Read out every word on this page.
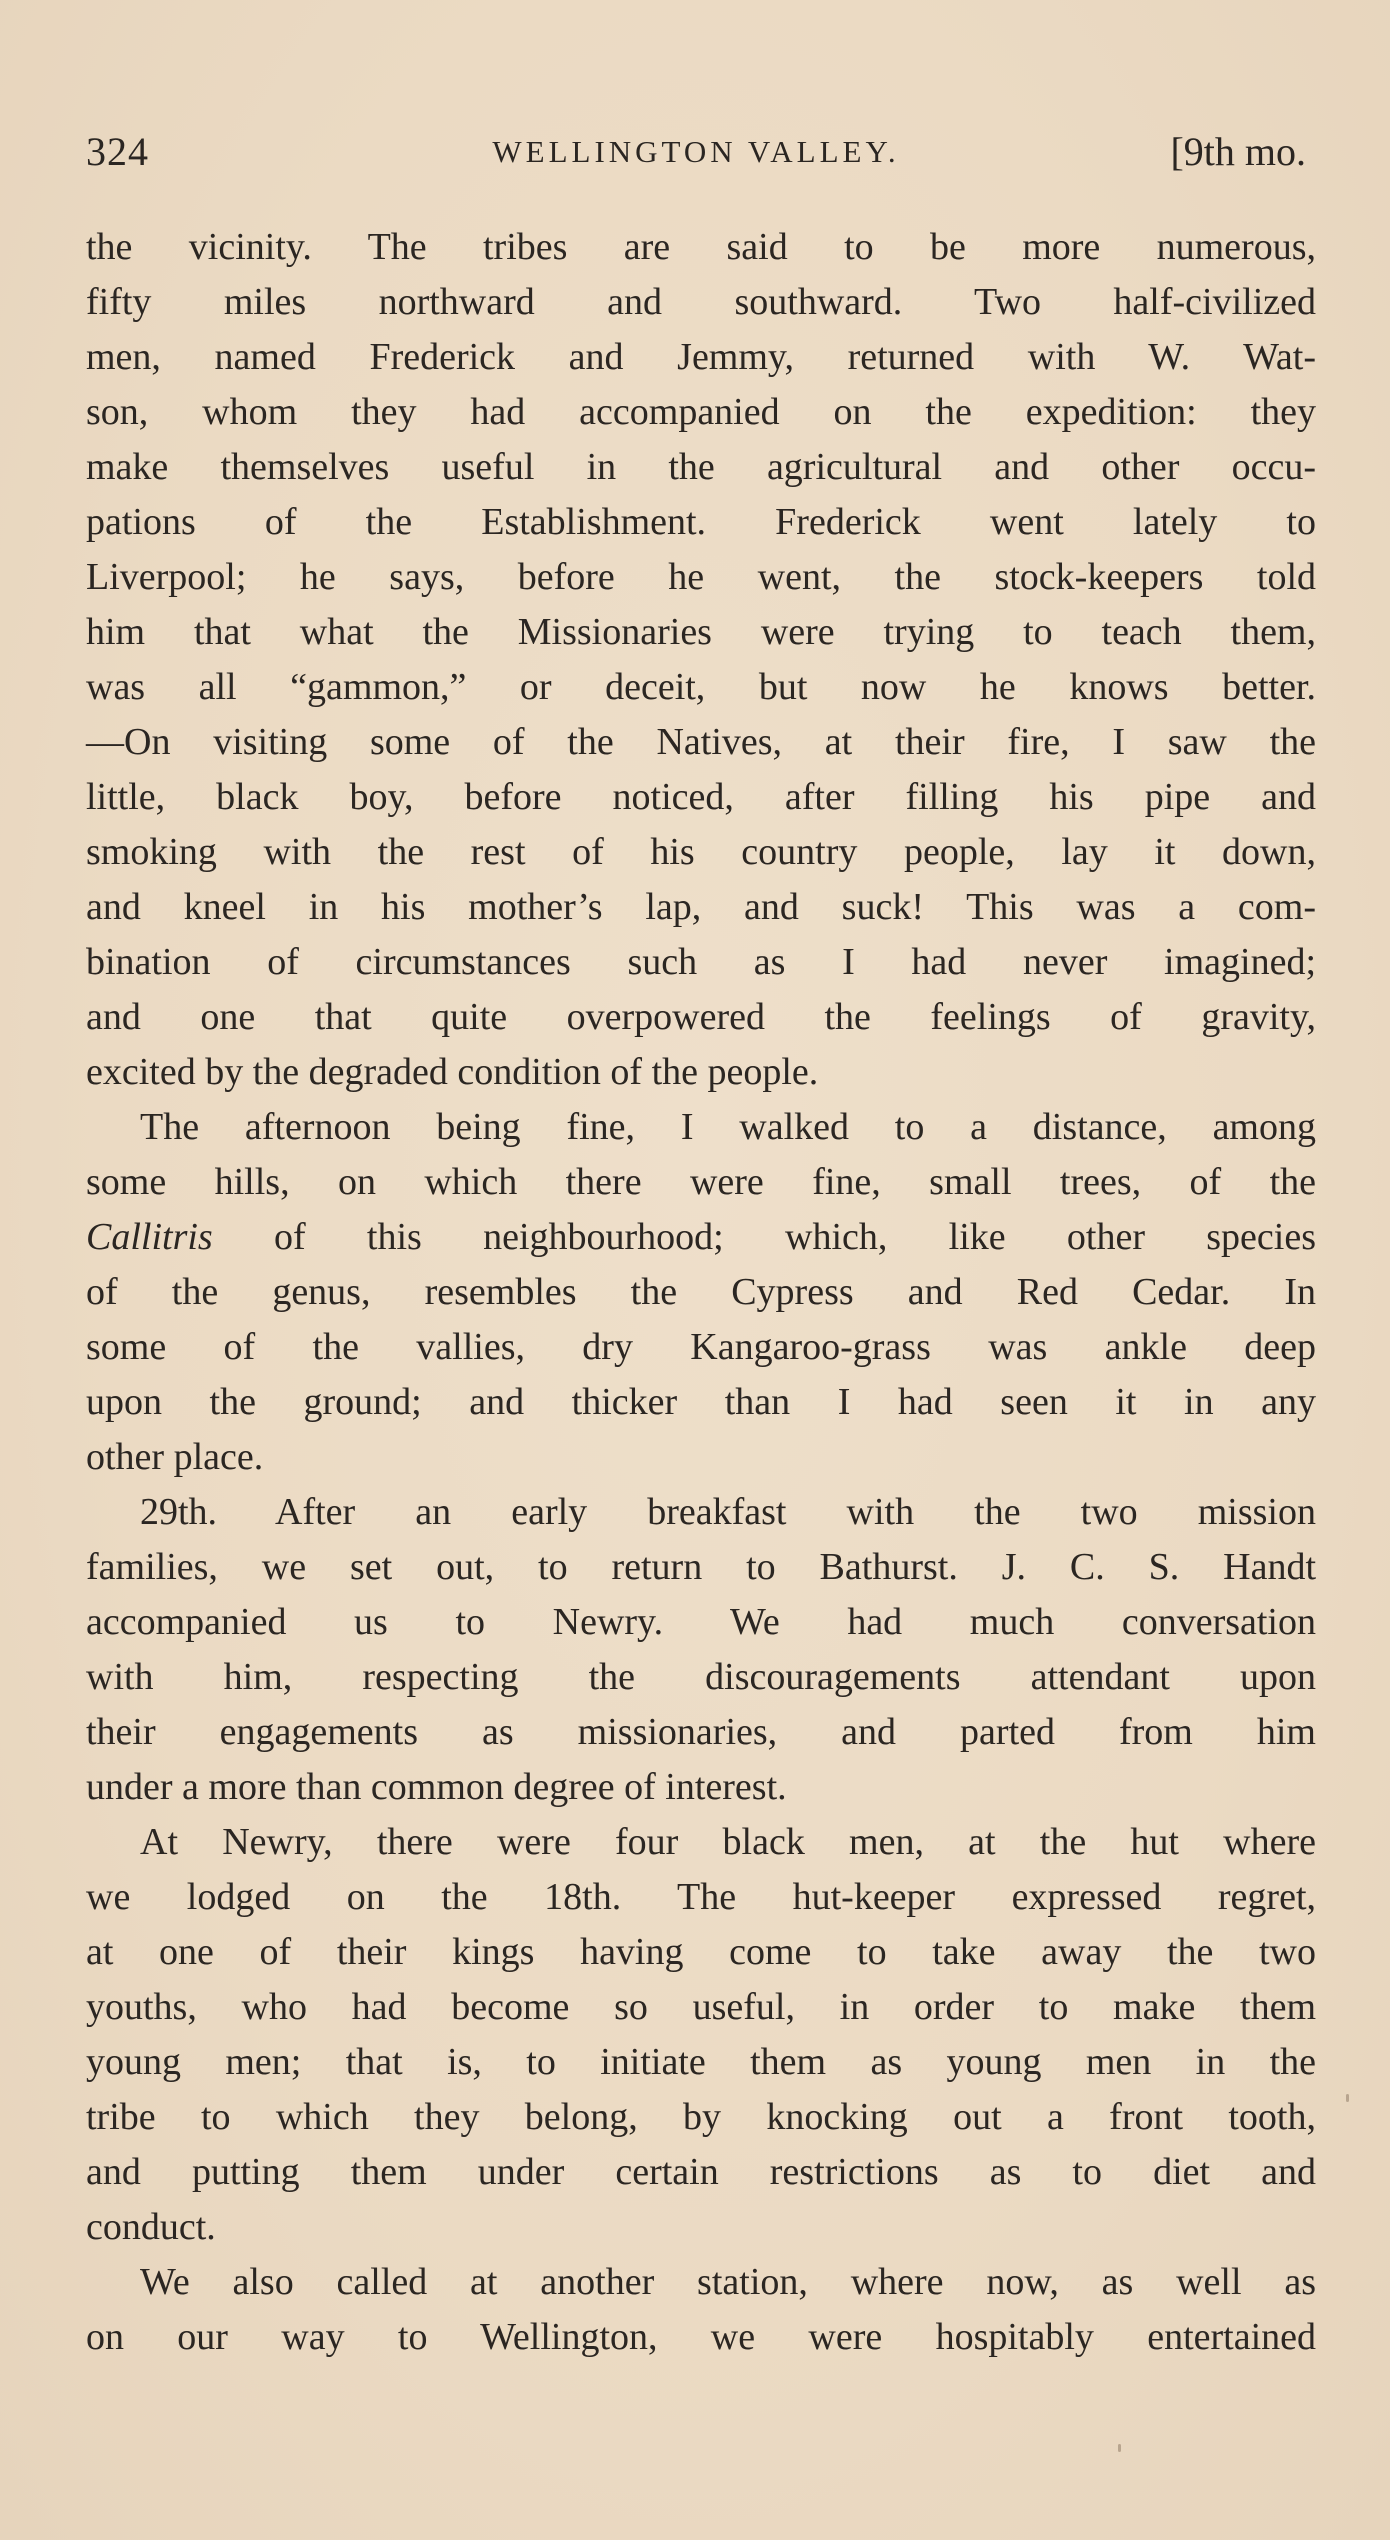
324	WELLINGTON VALLEY.	[9th mo.
the vicinity. The tribes are said to be more numerous,
fifty miles northward and southward. Two half-civilized
men, named Frederick and Jemmy, returned with W. Wat-
son, whom they had accompanied on the expedition: they
make themselves useful in the agricultural and other occu-
pations of the Establishment. Frederick went lately to
Liverpool; he says, before he went, the stock-keepers told
him that what the Missionaries were trying to teach them,
was all “gammon,” or deceit, but now he knows better.
—On visiting some of the Natives, at their fire, I saw the
little, black boy, before noticed, after filling his pipe and
smoking with the rest of his country people, lay it down,
and kneel in his mother’s lap, and suck! This was a com-
bination of circumstances such as I had never imagined;
and one that quite overpowered the feelings of gravity,
excited by the degraded condition of the people.
The afternoon being fine, I walked to a distance, among
some hills, on which there were fine, small trees, of the
Callitris of this neighbourhood; which, like other species
of the genus, resembles the Cypress and Red Cedar. In
some of the vallies, dry Kangaroo-grass was ankle deep
upon the ground; and thicker than I had seen it in any
other place.
29th. After an early breakfast with the two mission
families, we set out, to return to Bathurst. J. C. S. Handt
accompanied us to Newry. We had much conversation
with him, respecting the discouragements attendant upon
their engagements as missionaries, and parted from him
under a more than common degree of interest.
At Newry, there were four black men, at the hut where
we lodged on the 18th. The hut-keeper expressed regret,
at one of their kings having come to take away the two
youths, who had become so useful, in order to make them
young men; that is, to initiate them as young men in the
tribe to which they belong, by knocking out a front tooth,
and putting them under certain restrictions as to diet and
conduct.
We also called at another station, where now, as well as
on our way to Wellington, we were hospitably entertained
